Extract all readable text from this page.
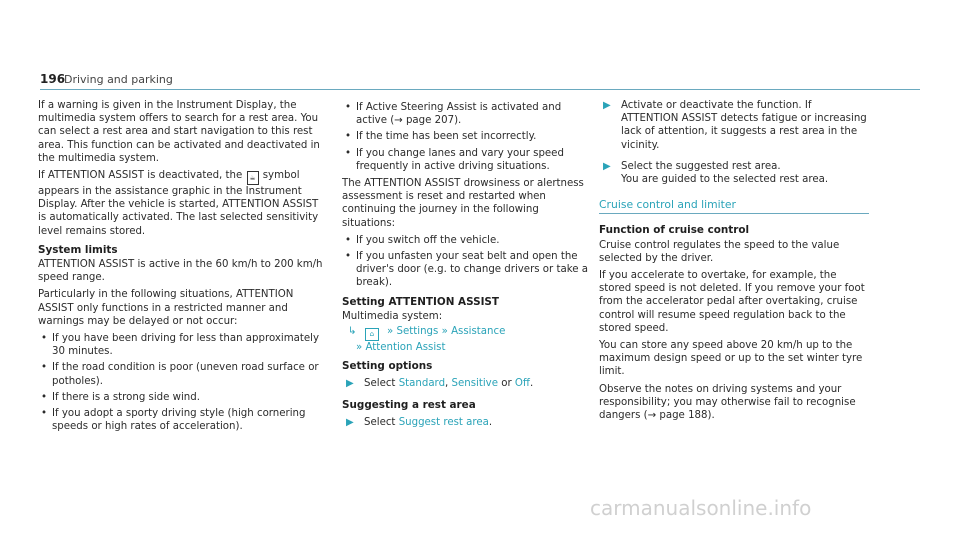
196
Driving and parking

If a warning is given in the Instrument Display, the multimedia system offers to search for a rest area. You can select a rest area and start navigation to this rest area. This function can be activated and deactivated in the multimedia system.

If ATTENTION ASSIST is deactivated, the ☕ symbol appears in the assistance graphic in the Instrument Display. After the vehicle is started, ATTENTION ASSIST is automatically activated. The last selected sensitivity level remains stored.

System limits

ATTENTION ASSIST is active in the 60 km/h to 200 km/h speed range.

Particularly in the following situations, ATTENTION ASSIST only functions in a restricted manner and warnings may be delayed or not occur:

• If you have been driving for less than approximately 30 minutes.
• If the road condition is poor (uneven road surface or potholes).
• If there is a strong side wind.
• If you adopt a sporty driving style (high cornering speeds or high rates of acceleration).
• If Active Steering Assist is activated and active (→ page 207).
• If the time has been set incorrectly.
• If you change lanes and vary your speed frequently in active driving situations.

The ATTENTION ASSIST drowsiness or alertness assessment is reset and restarted when continuing the journey in the following situations:

• If you switch off the vehicle.
• If you unfasten your seat belt and open the driver's door (e.g. to change drivers or take a break).
Setting ATTENTION ASSIST

Multimedia system:

↳ ⌂ » Settings » Assistance
» Attention Assist
Setting options
▶ Select Standard, Sensitive or Off.
Suggesting a rest area
▶ Select Suggest rest area.
▶ Activate or deactivate the function. If ATTENTION ASSIST detects fatigue or increasing lack of attention, it suggests a rest area in the vicinity.
▶ Select the suggested rest area.
You are guided to the selected rest area.
Cruise control and limiter
Function of cruise control

Cruise control regulates the speed to the value selected by the driver.

If you accelerate to overtake, for example, the stored speed is not deleted. If you remove your foot from the accelerator pedal after overtaking, cruise control will resume speed regulation back to the stored speed.

You can store any speed above 20 km/h up to the maximum design speed or up to the set winter tyre limit.

Observe the notes on driving systems and your responsibility; you may otherwise fail to recognise dangers (→ page 188).

carmanualsonline.info
